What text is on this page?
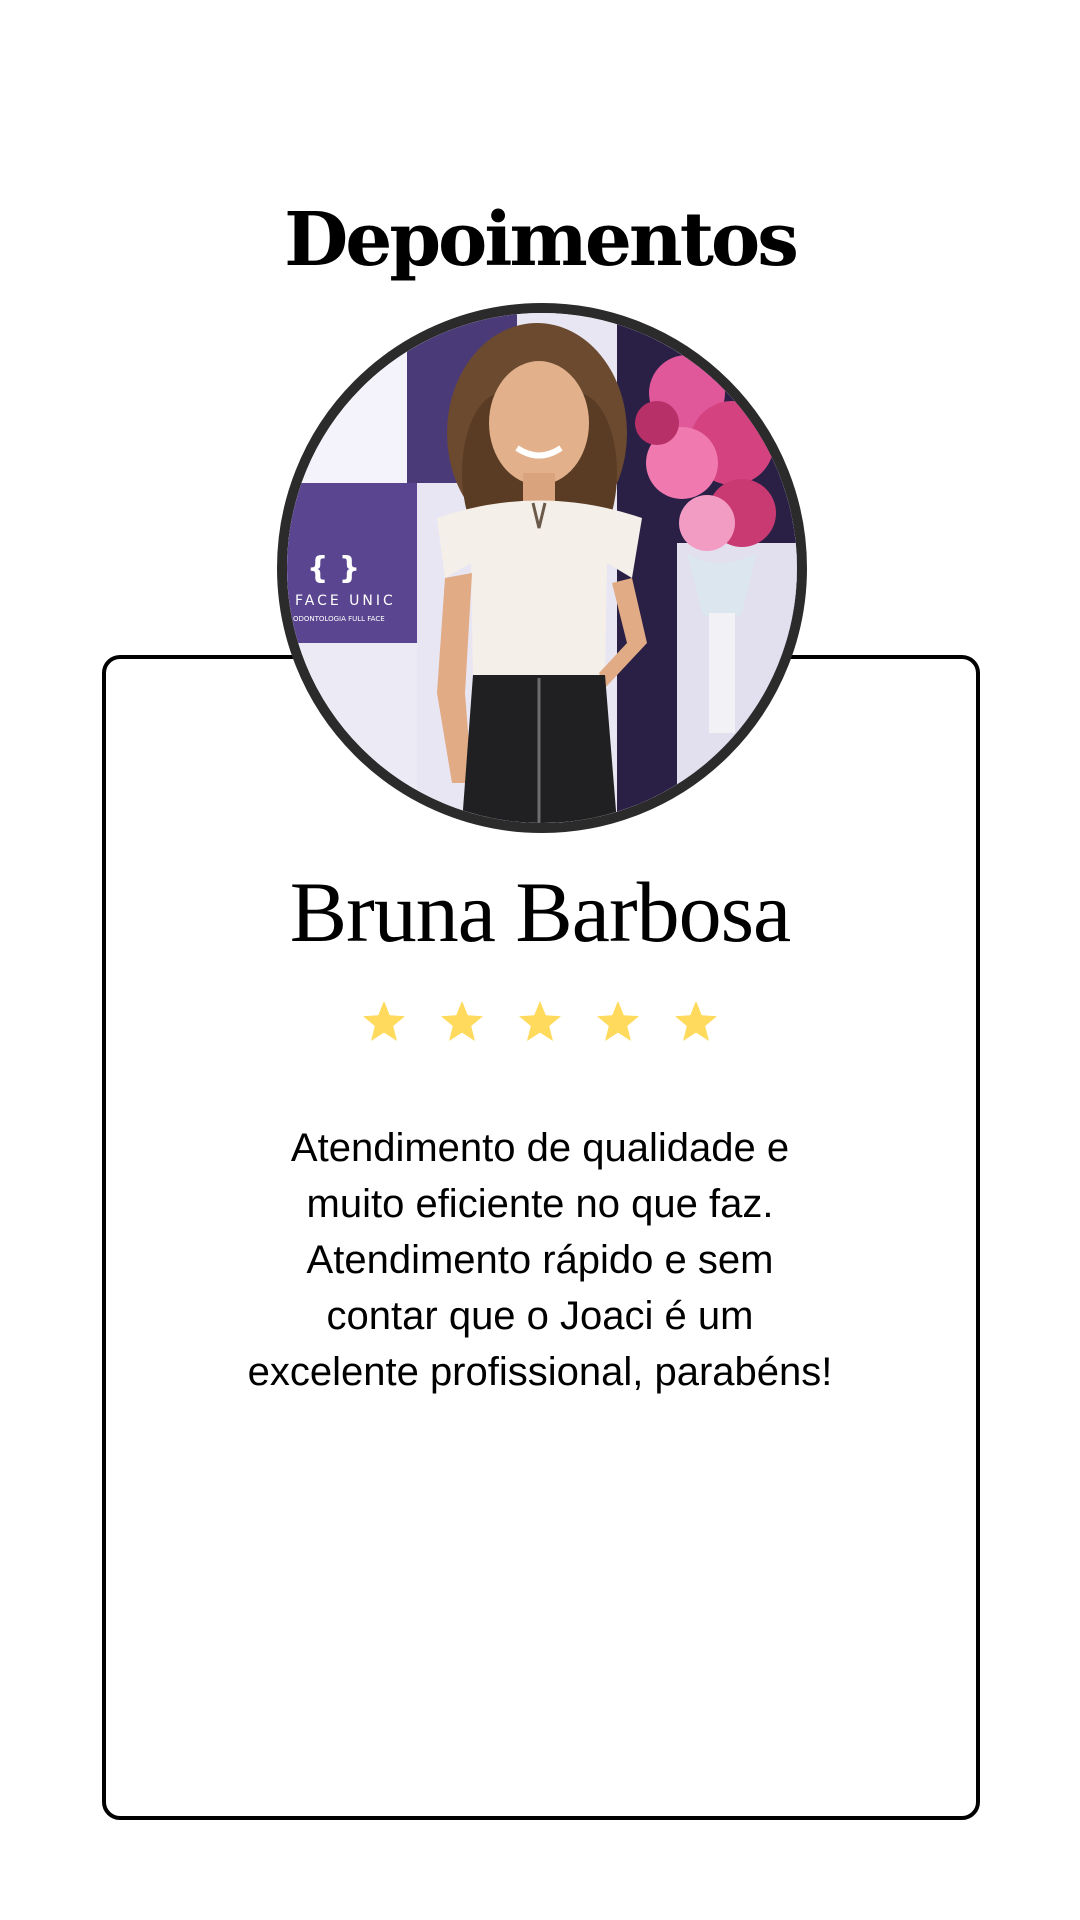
Depoimentos
{ }
FACE UNIC
ODONTOLOGIA FULL FACE
Bruna Barbosa

Atendimento de qualidade e
muito eficiente no que faz.
Atendimento rápido e sem
contar que o Joaci é um
excelente profissional, parabéns!
